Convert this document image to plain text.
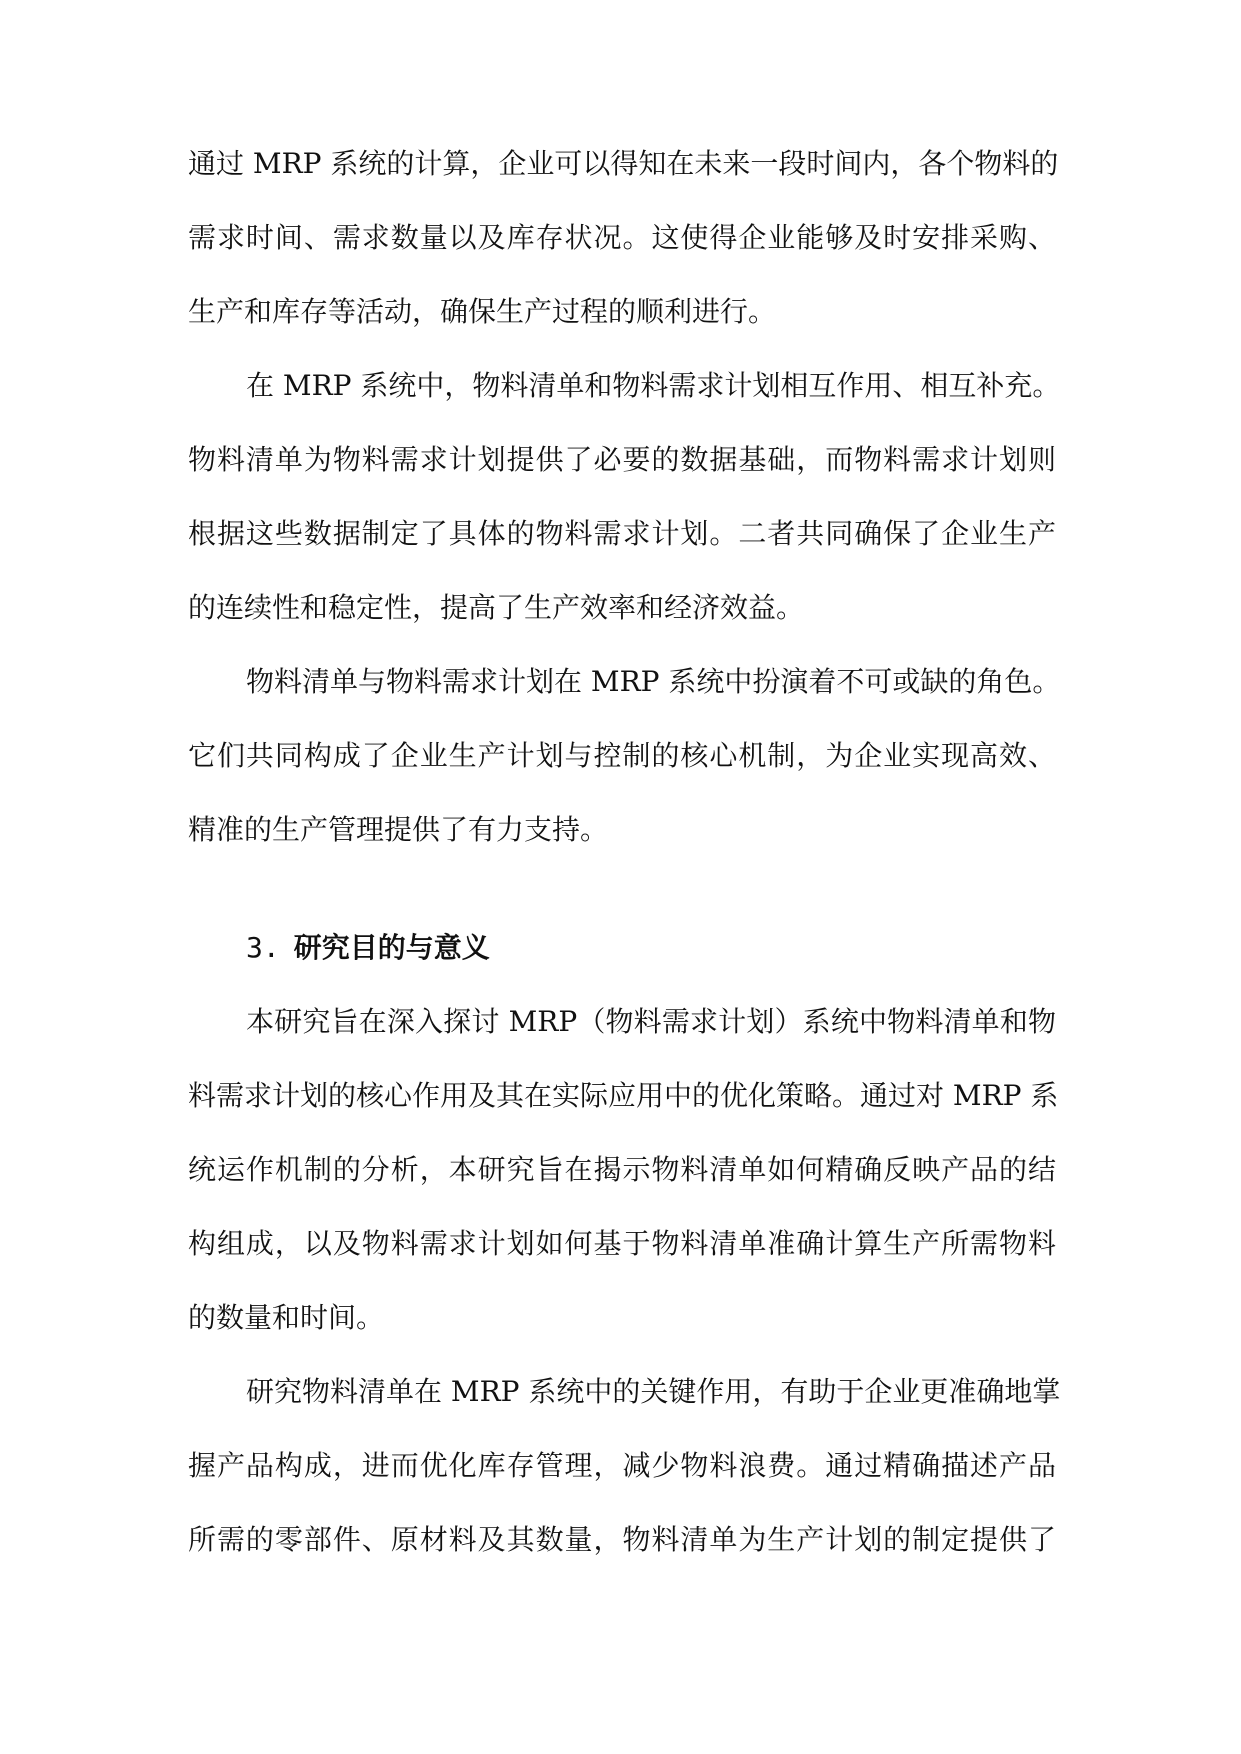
通过 MRP 系统的计算，企业可以得知在未来一段时间内，各个物料的
需求时间、需求数量以及库存状况。这使得企业能够及时安排采购、
生产和库存等活动，确保生产过程的顺利进行。
在 MRP 系统中，物料清单和物料需求计划相互作用、相互补充。
物料清单为物料需求计划提供了必要的数据基础，而物料需求计划则
根据这些数据制定了具体的物料需求计划。二者共同确保了企业生产
的连续性和稳定性，提高了生产效率和经济效益。
物料清单与物料需求计划在 MRP 系统中扮演着不可或缺的角色。
它们共同构成了企业生产计划与控制的核心机制，为企业实现高效、
精准的生产管理提供了有力支持。
3. 研究目的与意义
本研究旨在深入探讨 MRP（物料需求计划）系统中物料清单和物
料需求计划的核心作用及其在实际应用中的优化策略。通过对 MRP 系
统运作机制的分析，本研究旨在揭示物料清单如何精确反映产品的结
构组成，以及物料需求计划如何基于物料清单准确计算生产所需物料
的数量和时间。
研究物料清单在 MRP 系统中的关键作用，有助于企业更准确地掌
握产品构成，进而优化库存管理，减少物料浪费。通过精确描述产品
所需的零部件、原材料及其数量，物料清单为生产计划的制定提供了
